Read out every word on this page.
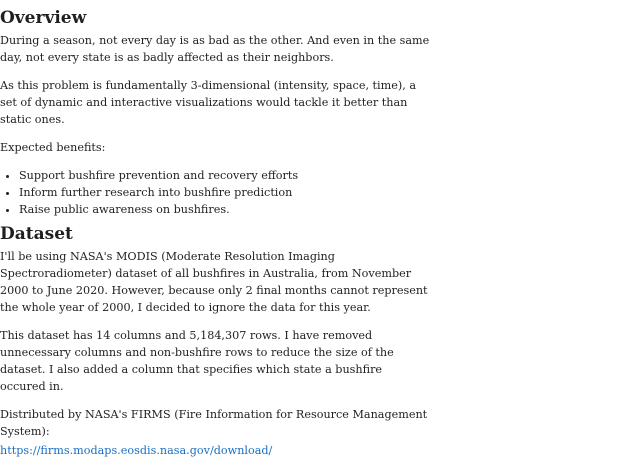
Overview

During a season, not every day is as bad as the other. And even in the same day, not every state is as badly affected as their neighbors.

As this problem is fundamentally 3-dimensional (intensity, space, time), a set of dynamic and interactive visualizations would tackle it better than static ones.

Expected benefits:

• Support bushfire prevention and recovery efforts
• Inform further research into bushfire prediction
• Raise public awareness on bushfires.
Dataset

I'll be using NASA's MODIS (Moderate Resolution Imaging Spectroradiometer) dataset of all bushfires in Australia, from November 2000 to June 2020. However, because only 2 final months cannot represent the whole year of 2000, I decided to ignore the data for this year.

This dataset has 14 columns and 5,184,307 rows. I have removed unnecessary columns and non-bushfire rows to reduce the size of the dataset. I also added a column that specifies which state a bushfire occured in.

Distributed by NASA's FIRMS (Fire Information for Resource Management System):

https://firms.modaps.eosdis.nasa.gov/download/
